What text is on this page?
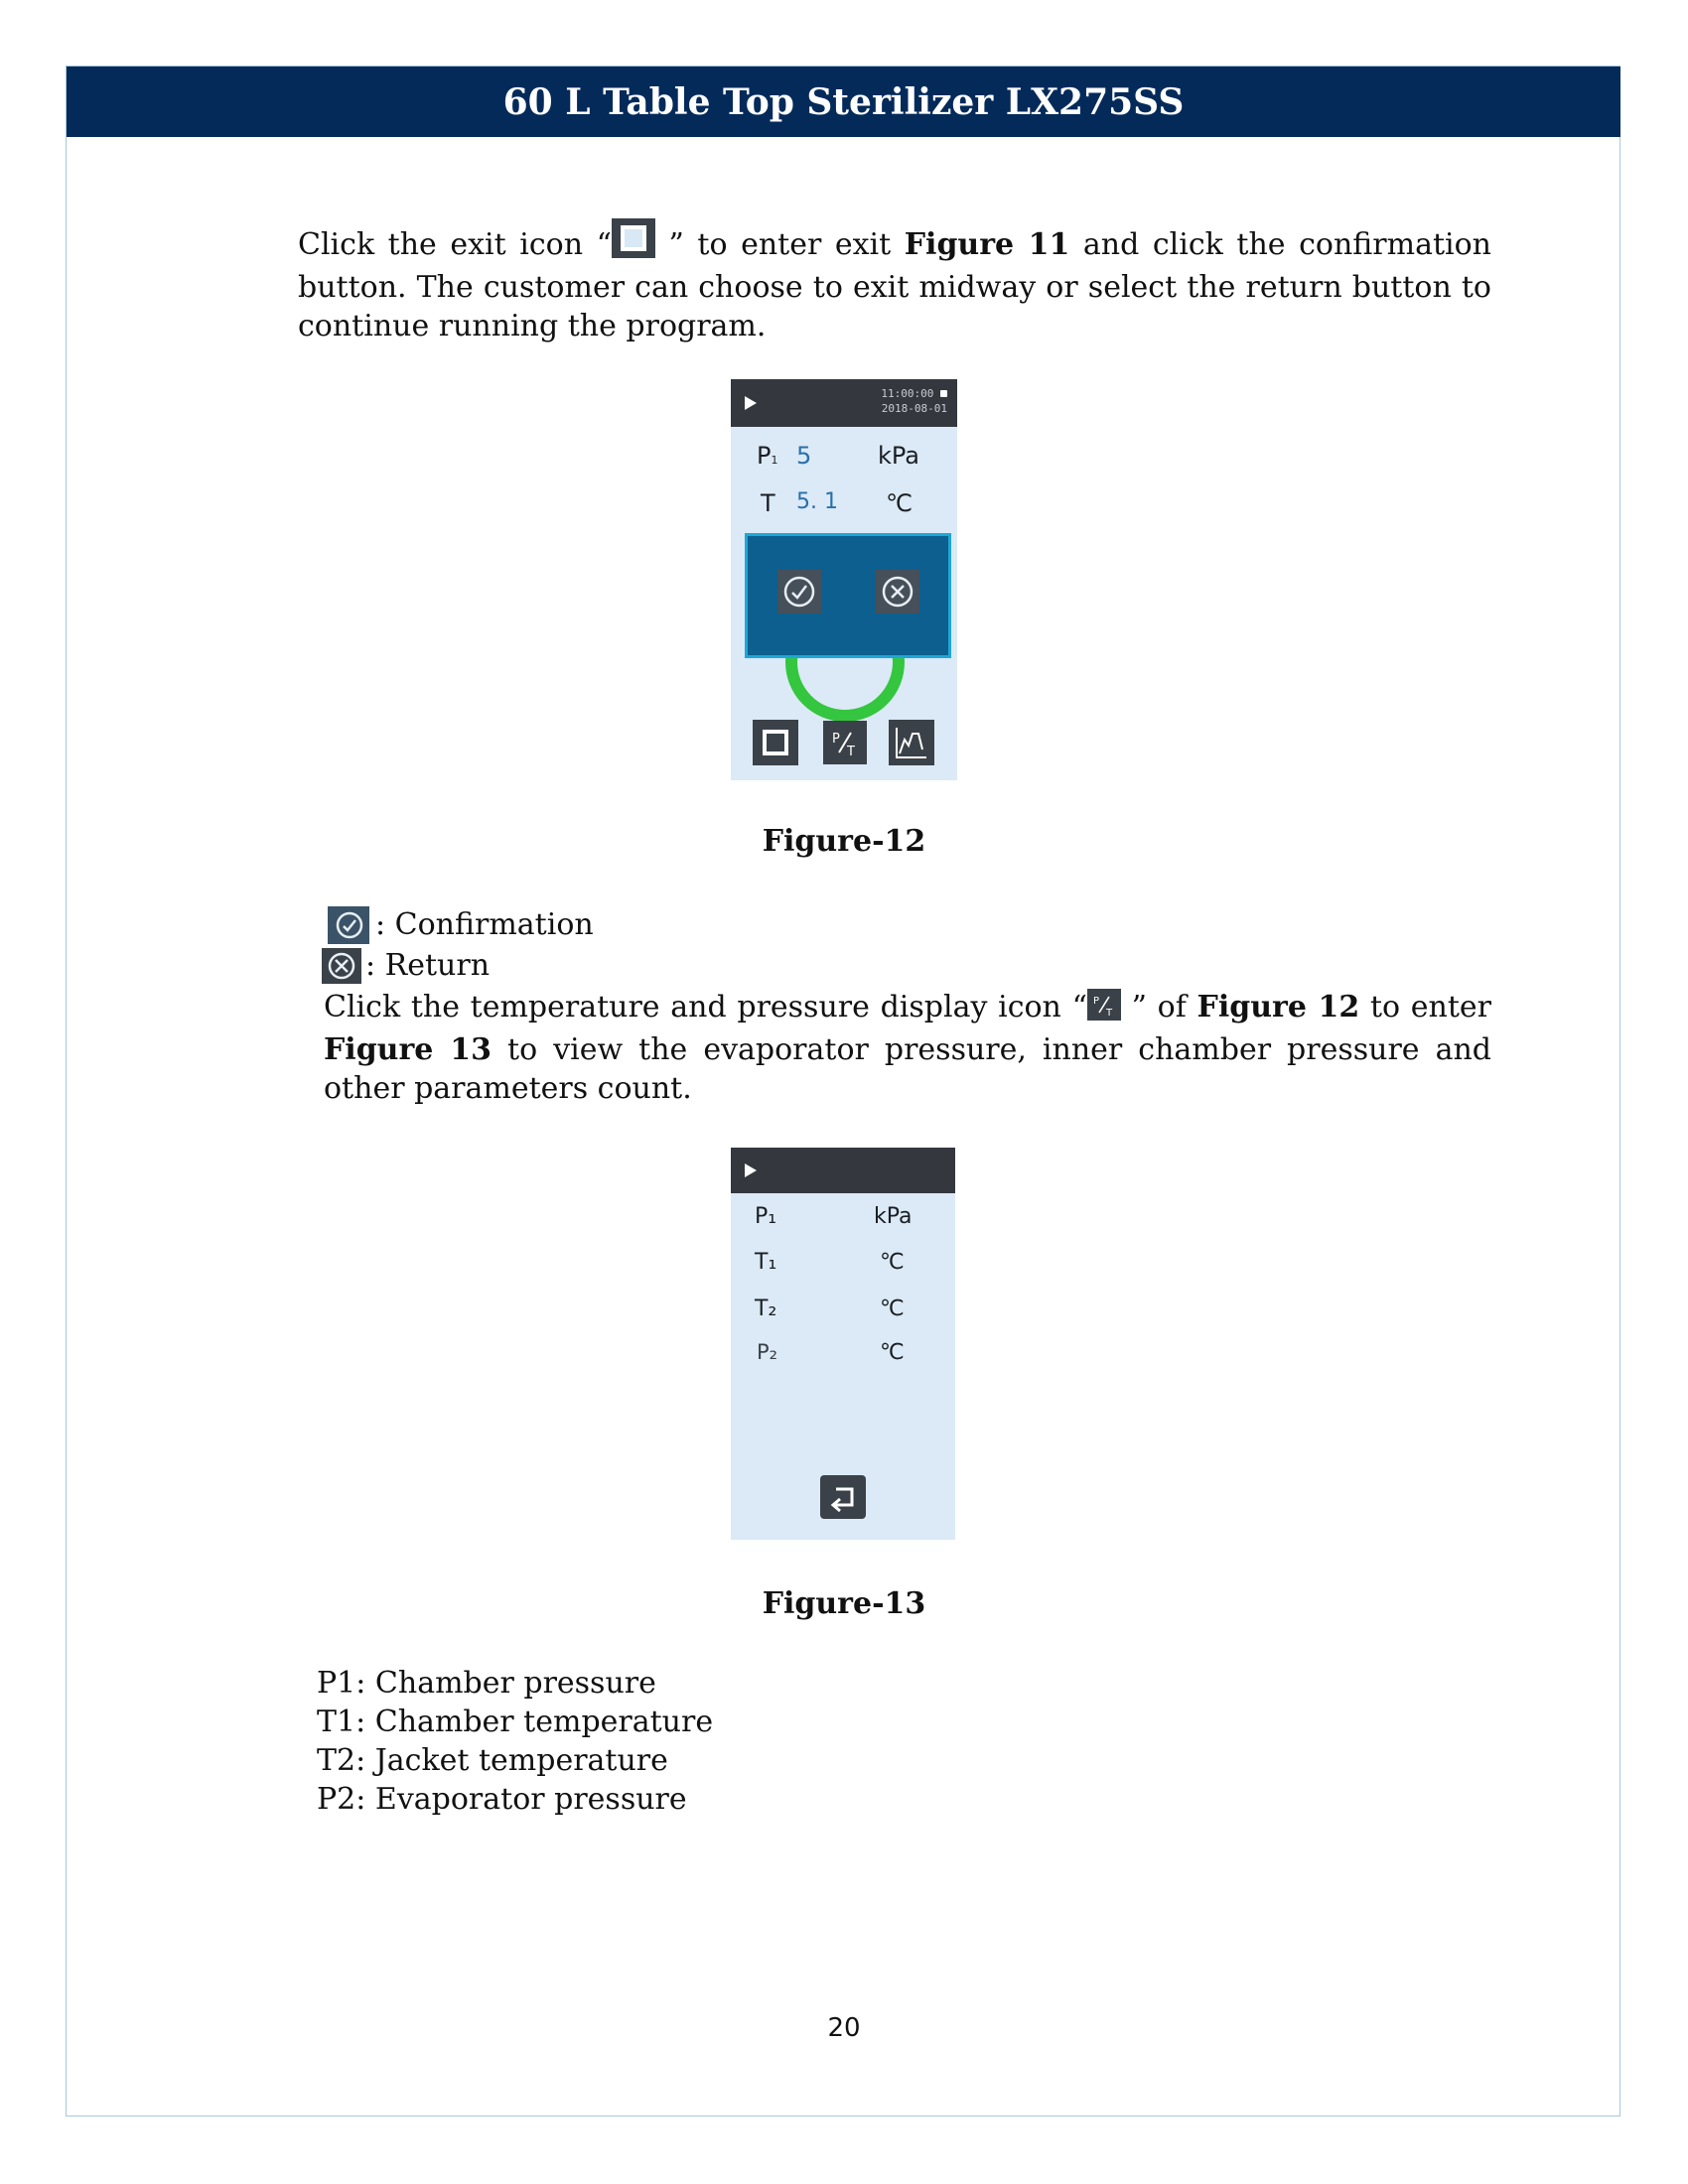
60 L Table Top Sterilizer LX275SS
Click the exit icon “ ” to enter exit Figure 11 and click the confirmation button. The customer can choose to exit midway or select the return button to continue running the program.
11:00:00
2018-08-01
P1 5	kPa
T 5. 1 ℃
P
T
Figure-12
: Confirmation
: Return
Click the temperature and pressure display icon “ P
T ” of Figure 12 to enter Figure 13 to view the evaporator pressure, inner chamber pressure and other parameters count.
P₁	kPa
T₁	℃
T₂	℃
P₂	℃
Figure-13
P1: Chamber pressure
T1: Chamber temperature
T2: Jacket temperature
P2: Evaporator pressure
20
